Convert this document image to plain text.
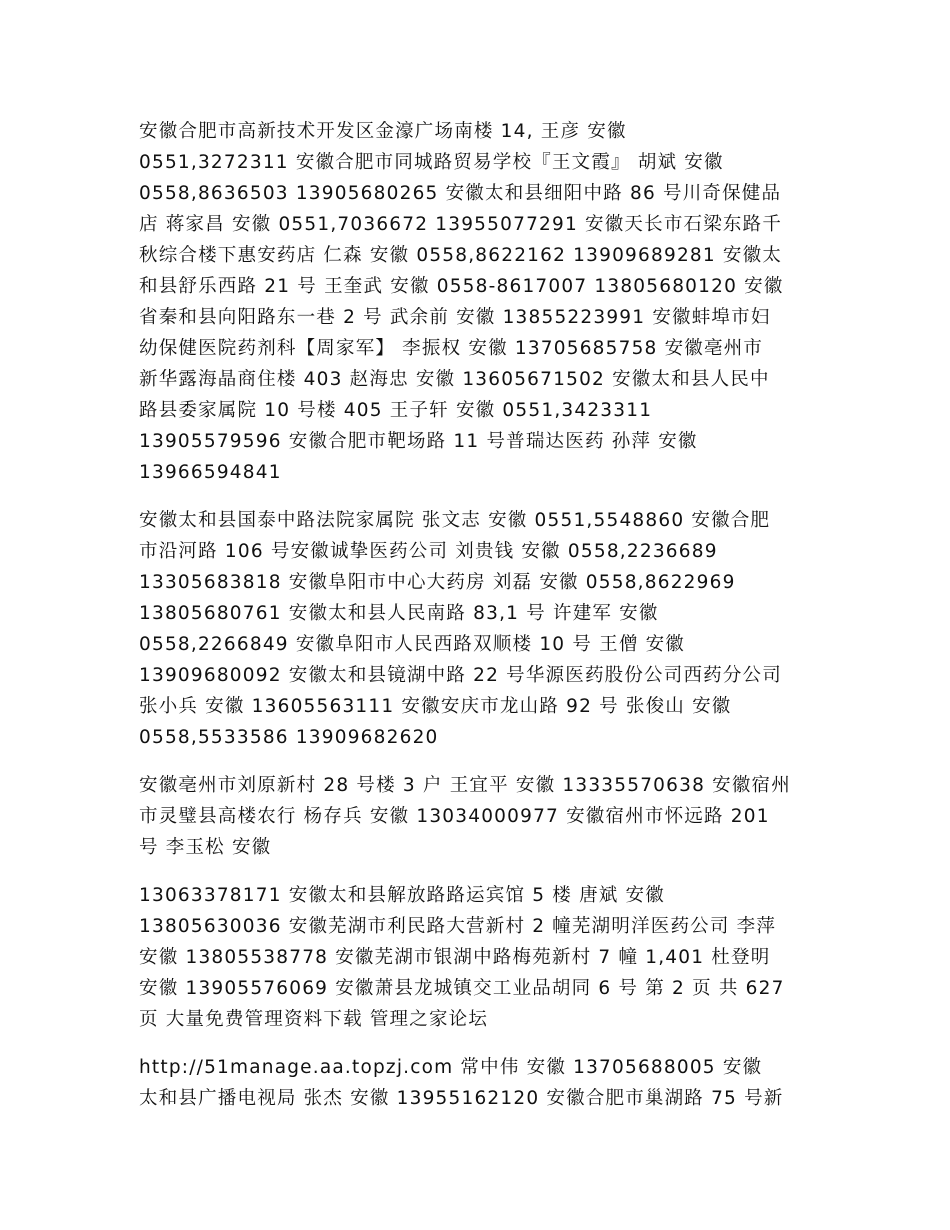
安徽合肥市高新技术开发区金濠广场南楼 14, 王彦 安徽
0551,3272311 安徽合肥市同城路贸易学校『王文霞』 胡斌 安徽
0558,8636503 13905680265 安徽太和县细阳中路 86 号川奇保健品
店 蒋家昌 安徽 0551,7036672 13955077291 安徽天长市石梁东路千
秋综合楼下惠安药店 仁森 安徽 0558,8622162 13909689281 安徽太
和县舒乐西路 21 号 王奎武 安徽 0558-8617007 13805680120 安徽
省秦和县向阳路东一巷 2 号 武余前 安徽 13855223991 安徽蚌埠市妇
幼保健医院药剂科【周家军】 李振权 安徽 13705685758 安徽亳州市
新华露海晶商住楼 403 赵海忠 安徽 13605671502 安徽太和县人民中
路县委家属院 10 号楼 405 王子轩 安徽 0551,3423311
13905579596 安徽合肥市靶场路 11 号普瑞达医药 孙萍 安徽
13966594841
安徽太和县国泰中路法院家属院 张文志 安徽 0551,5548860 安徽合肥
市沿河路 106 号安徽诚挚医药公司 刘贵钱 安徽 0558,2236689
13305683818 安徽阜阳市中心大药房 刘磊 安徽 0558,8622969
13805680761 安徽太和县人民南路 83,1 号 许建军 安徽
0558,2266849 安徽阜阳市人民西路双顺楼 10 号 王僧 安徽
13909680092 安徽太和县镜湖中路 22 号华源医药股份公司西药分公司
张小兵 安徽 13605563111 安徽安庆市龙山路 92 号 张俊山 安徽
0558,5533586 13909682620
安徽亳州市刘原新村 28 号楼 3 户 王宜平 安徽 13335570638 安徽宿州
市灵璧县高楼农行 杨存兵 安徽 13034000977 安徽宿州市怀远路 201
号 李玉松 安徽
13063378171 安徽太和县解放路路运宾馆 5 楼 唐斌 安徽
13805630036 安徽芜湖市利民路大营新村 2 幢芜湖明洋医药公司 李萍
安徽 13805538778 安徽芜湖市银湖中路梅苑新村 7 幢 1,401 杜登明
安徽 13905576069 安徽萧县龙城镇交工业品胡同 6 号 第 2 页 共 627
页 大量免费管理资料下载 管理之家论坛
http://51manage.aa.topzj.com 常中伟 安徽 13705688005 安徽
太和县广播电视局 张杰 安徽 13955162120 安徽合肥市巢湖路 75 号新
